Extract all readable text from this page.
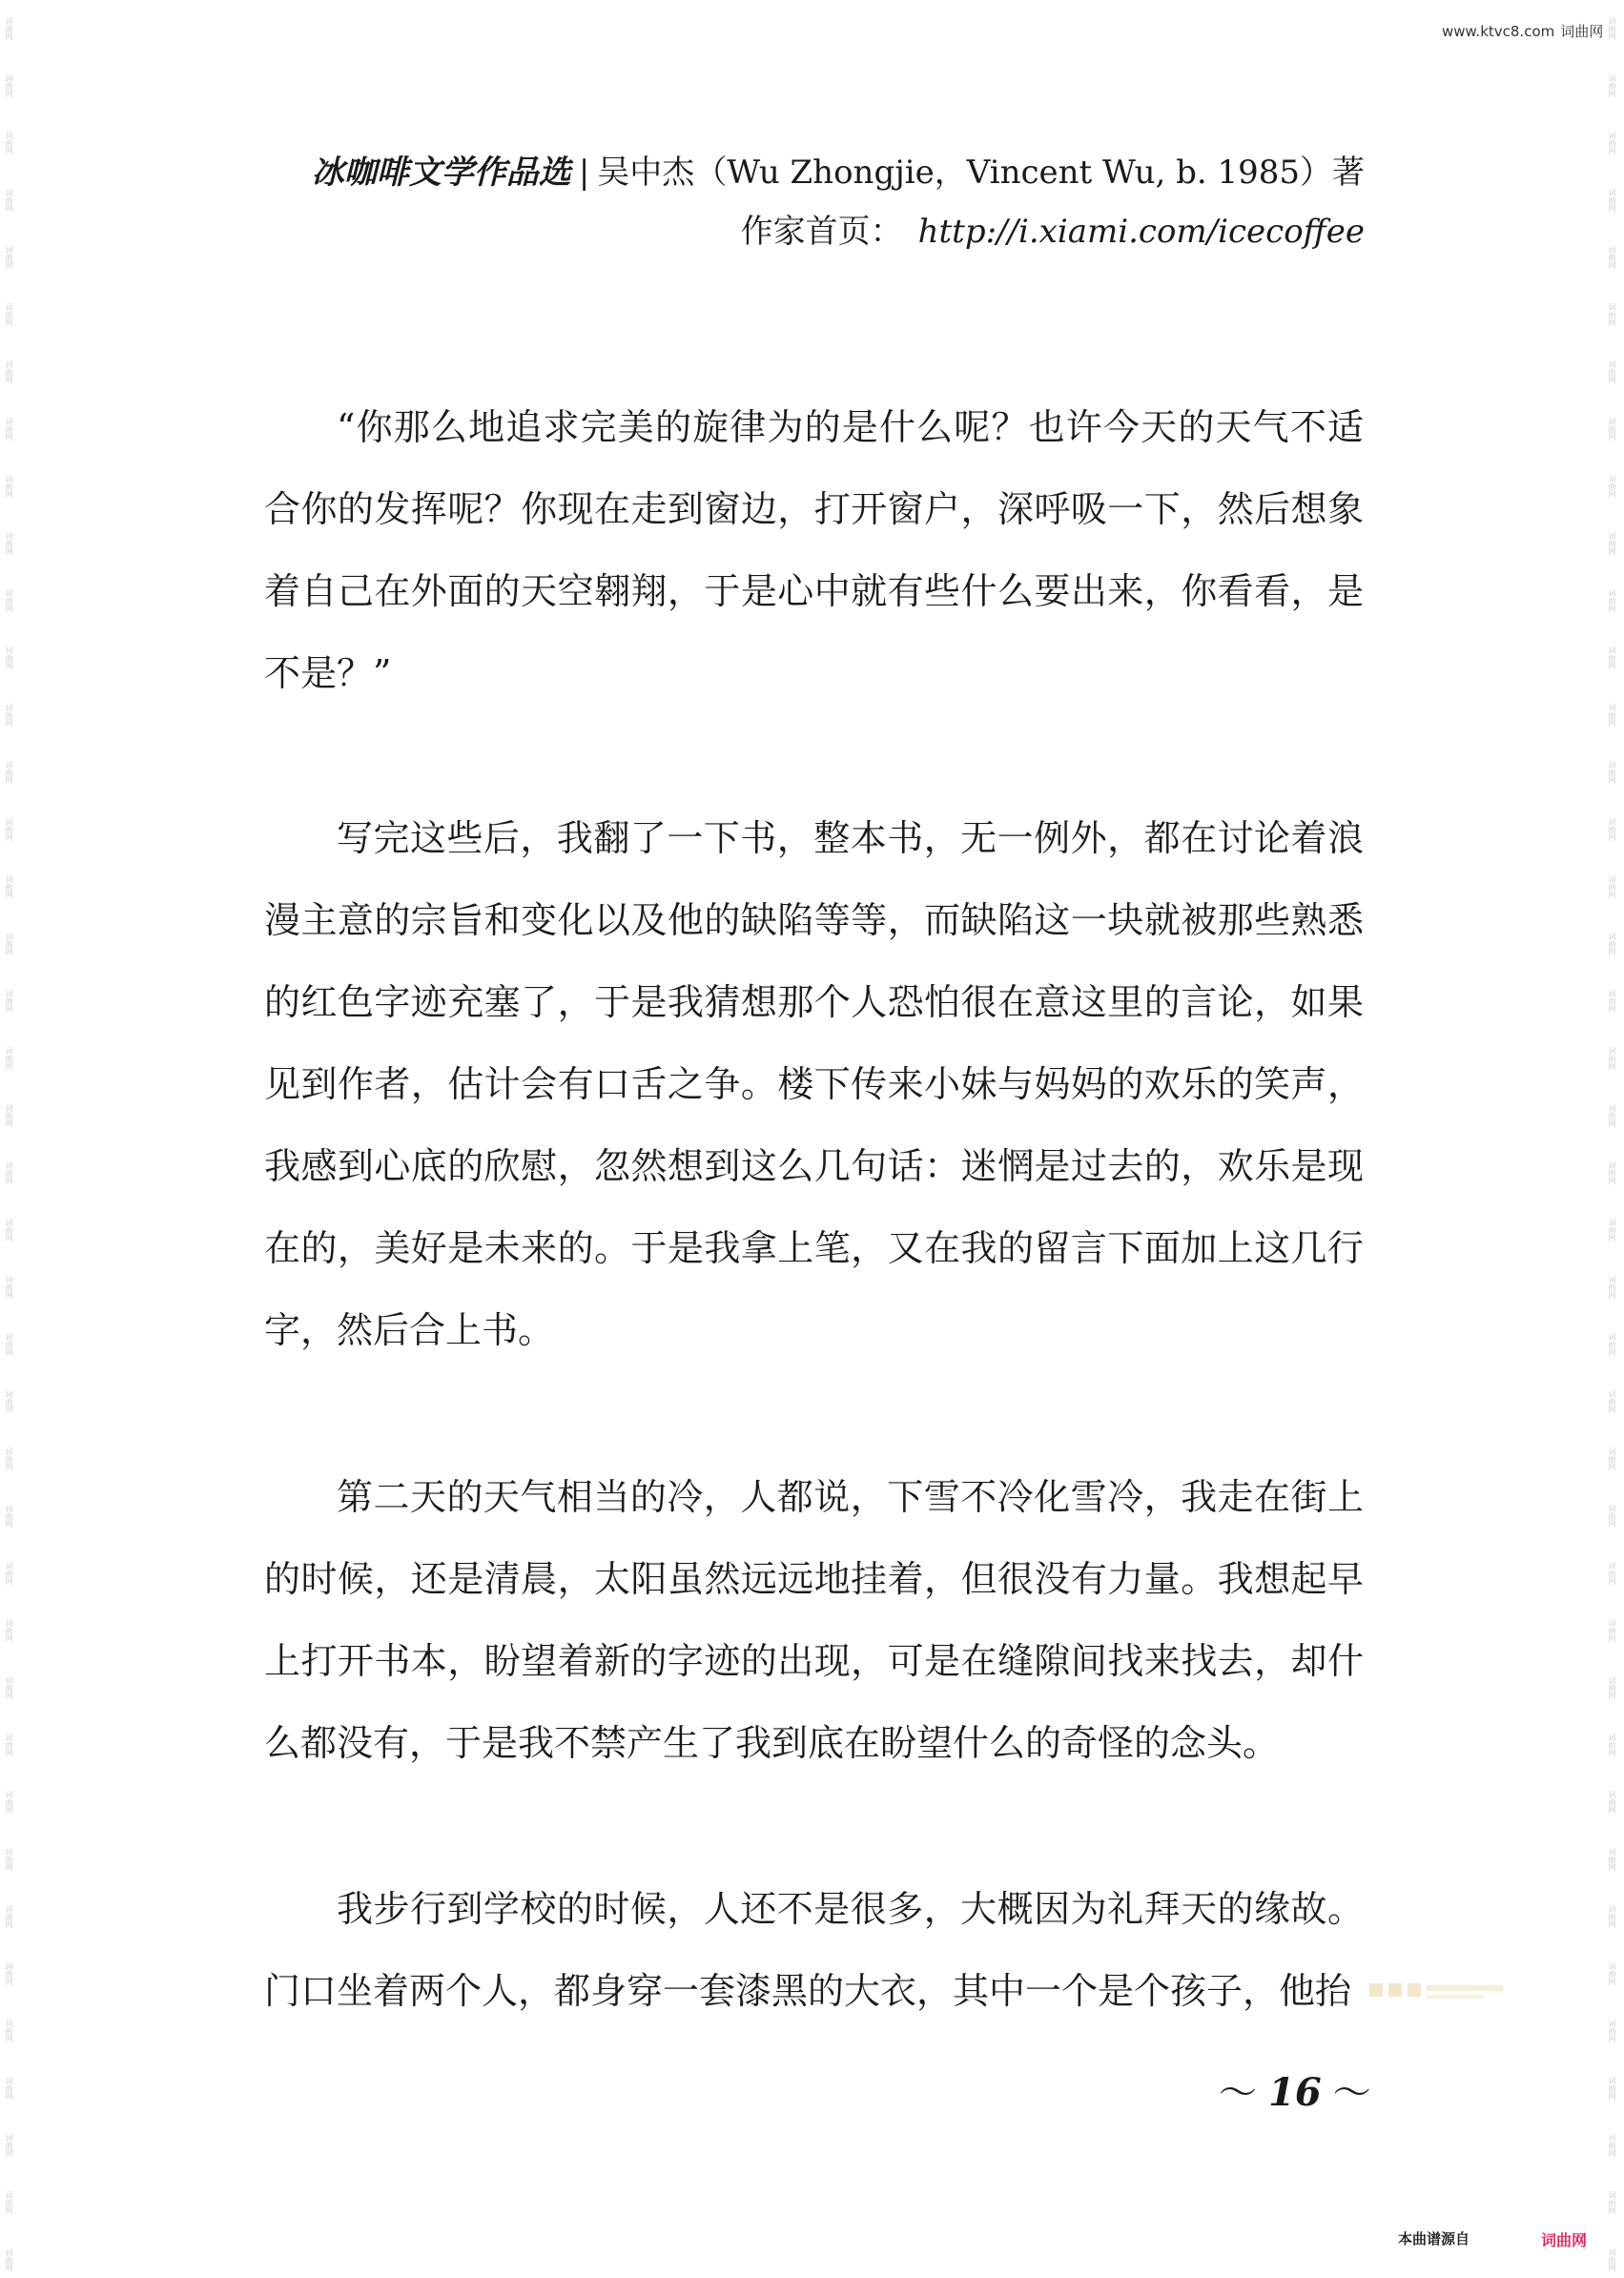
词曲网
词曲网
词曲网
词曲网
词曲网
词曲网
词曲网
词曲网
词曲网
词曲网
词曲网
词曲网
词曲网
词曲网
词曲网
词曲网
词曲网
词曲网
词曲网
词曲网
词曲网
词曲网
词曲网
词曲网
词曲网
词曲网
词曲网
词曲网
词曲网
词曲网
词曲网
词曲网
词曲网
词曲网
词曲网
词曲网
词曲网
词曲网
词曲网
词曲网
词曲网
词曲网
词曲网
词曲网
词曲网
词曲网
词曲网
词曲网
词曲网
词曲网
词曲网
词曲网
词曲网
词曲网
词曲网
词曲网
词曲网
词曲网
词曲网
词曲网
词曲网
词曲网
词曲网
词曲网
词曲网
词曲网
词曲网
词曲网
词曲网
词曲网
词曲网
词曲网
词曲网
词曲网
词曲网
词曲网
词曲网
词曲网
词曲网
词曲网
www.ktvc8.com 词曲网
冰咖啡文学作品选 | 吴中杰（Wu Zhongjie，Vincent Wu, b. 1985）著
作家首页： http://i.xiami.com/icecoffee

“你那么地追求完美的旋律为的是什么呢？也许今天的天气不适合你的发挥呢？你现在走到窗边，打开窗户，深呼吸一下，然后想象着自己在外面的天空翱翔，于是心中就有些什么要出来，你看看，是不是？”

写完这些后，我翻了一下书，整本书，无一例外，都在讨论着浪漫主意的宗旨和变化以及他的缺陷等等，而缺陷这一块就被那些熟悉的红色字迹充塞了，于是我猜想那个人恐怕很在意这里的言论，如果见到作者，估计会有口舌之争。楼下传来小妹与妈妈的欢乐的笑声，我感到心底的欣慰，忽然想到这么几句话：迷惘是过去的，欢乐是现在的，美好是未来的。于是我拿上笔，又在我的留言下面加上这几行字，然后合上书。

第二天的天气相当的冷，人都说，下雪不冷化雪冷，我走在街上的时候，还是清晨，太阳虽然远远地挂着，但很没有力量。我想起早上打开书本，盼望着新的字迹的出现，可是在缝隙间找来找去，却什么都没有，于是我不禁产生了我到底在盼望什么的奇怪的念头。

我步行到学校的时候，人还不是很多，大概因为礼拜天的缘故。门口坐着两个人，都身穿一套漆黑的大衣，其中一个是个孩子，他抬

～ 16 ～
本曲谱源自	词曲网
